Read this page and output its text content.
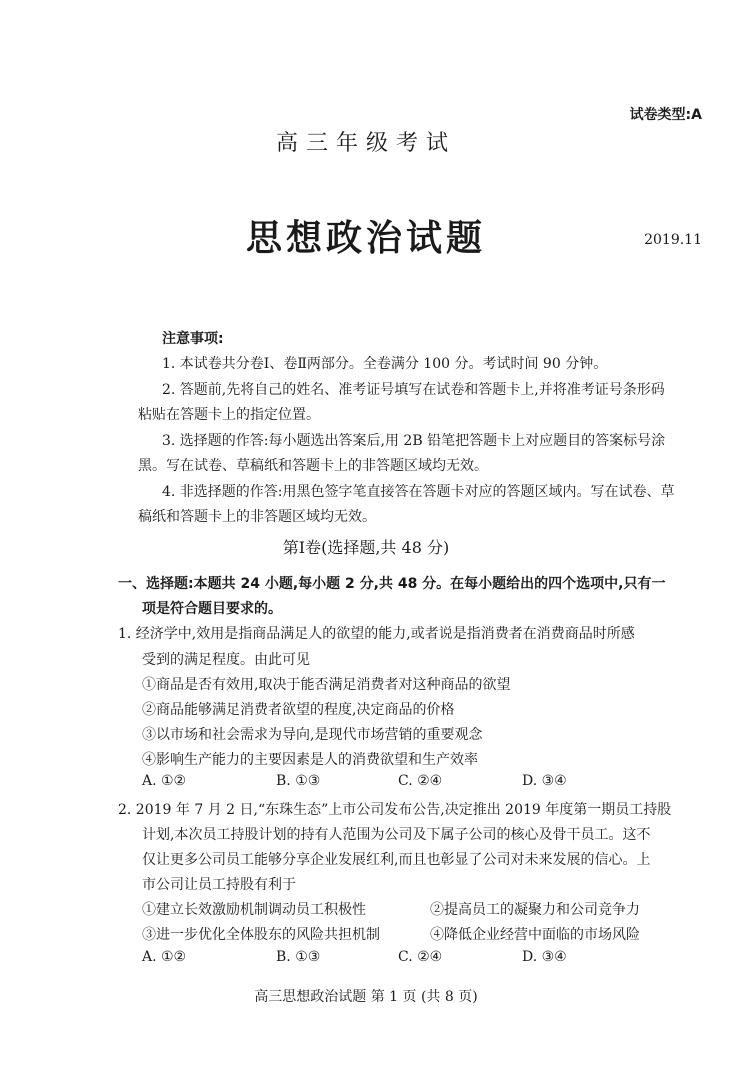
试卷类型:A
高三年级考试
思想政治试题	2019.11
注意事项:
1. 本试卷共分卷Ⅰ、卷Ⅱ两部分。全卷满分 100 分。考试时间 90 分钟。
2. 答题前,先将自己的姓名、准考证号填写在试卷和答题卡上,并将准考证号条形码
粘贴在答题卡上的指定位置。
3. 选择题的作答:每小题选出答案后,用 2B 铅笔把答题卡上对应题目的答案标号涂
黑。写在试卷、草稿纸和答题卡上的非答题区域均无效。
4. 非选择题的作答:用黑色签字笔直接答在答题卡对应的答题区域内。写在试卷、草
稿纸和答题卡上的非答题区域均无效。
第Ⅰ卷(选择题,共 48 分)
一、选择题:本题共 24 小题,每小题 2 分,共 48 分。在每小题给出的四个选项中,只有一
项是符合题目要求的。
1. 经济学中,效用是指商品满足人的欲望的能力,或者说是指消费者在消费商品时所感
受到的满足程度。由此可见
①商品是否有效用,取决于能否满足消费者对这种商品的欲望
②商品能够满足消费者欲望的程度,决定商品的价格
③以市场和社会需求为导向,是现代市场营销的重要观念
④影响生产能力的主要因素是人的消费欲望和生产效率
A. ①②	B. ①③	C. ②④	D. ③④
2. 2019 年 7 月 2 日,“东珠生态”上市公司发布公告,决定推出 2019 年度第一期员工持股
计划,本次员工持股计划的持有人范围为公司及下属子公司的核心及骨干员工。这不
仅让更多公司员工能够分享企业发展红利,而且也彰显了公司对未来发展的信心。上
市公司让员工持股有利于
①建立长效激励机制调动员工积极性	②提高员工的凝聚力和公司竞争力
③进一步优化全体股东的风险共担机制	④降低企业经营中面临的市场风险
A. ①②	B. ①③	C. ②④	D. ③④
高三思想政治试题 第 1 页 (共 8 页)
